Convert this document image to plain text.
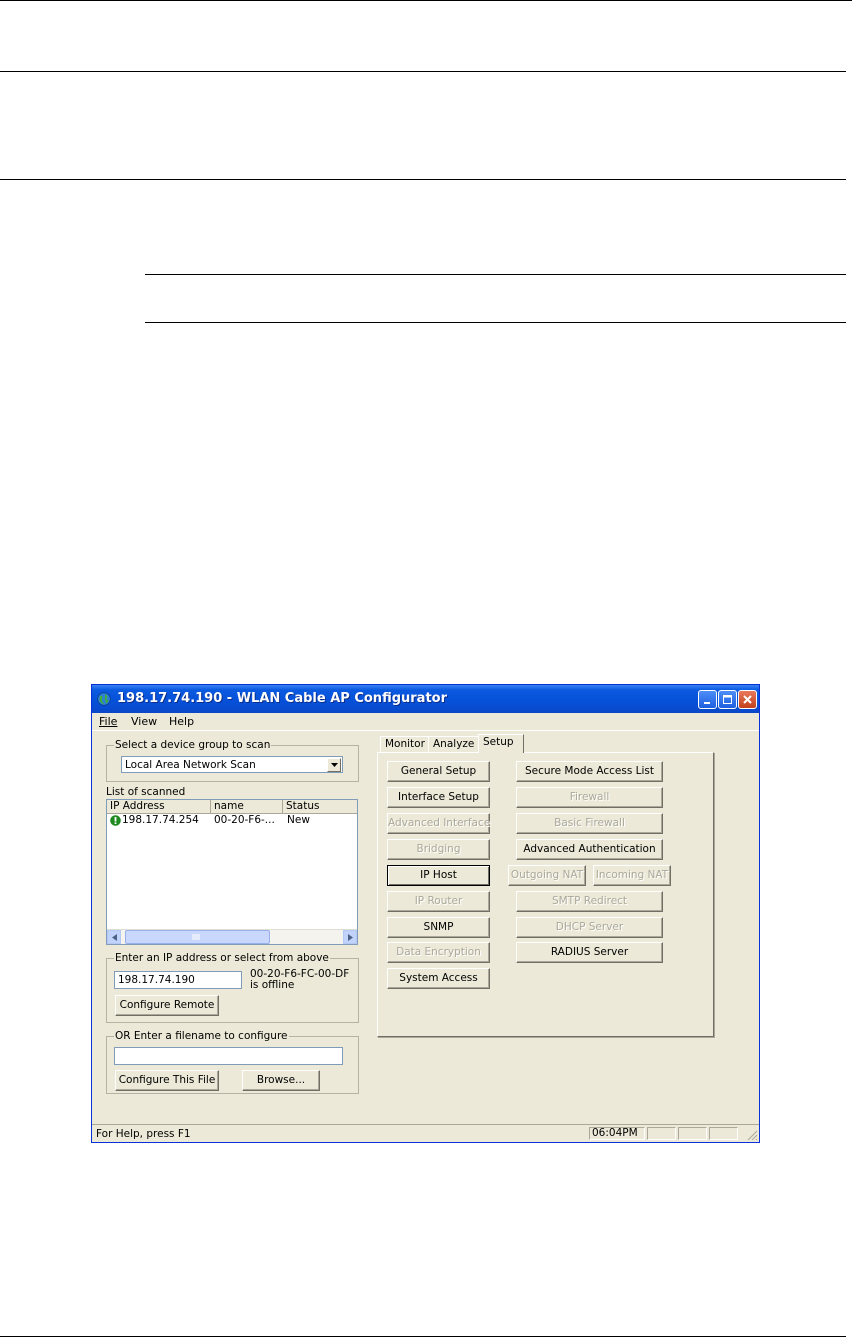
198.17.74.190 - WLAN Cable AP Configurator
File View Help
Select a device group to scan
Local Area Network Scan
List of scanned
IP Address	name	Status
198.17.74.254 00-20-F6-... New
Enter an IP address or select from above
198.17.74.190	00-20-F6-FC-00-DF is offline
Configure Remote
OR Enter a filename to configure
Configure This File	Browse...
Monitor Analyze Setup
General Setup	Secure Mode Access List
Interface Setup	Firewall
Advanced Interface	Basic Firewall
Bridging	Advanced Authentication
IP Host	Outgoing NAT Incoming NAT
IP Router	SMTP Redirect
SNMP	DHCP Server
Data Encryption	RADIUS Server
System Access
For Help, press F1	06:04PM
